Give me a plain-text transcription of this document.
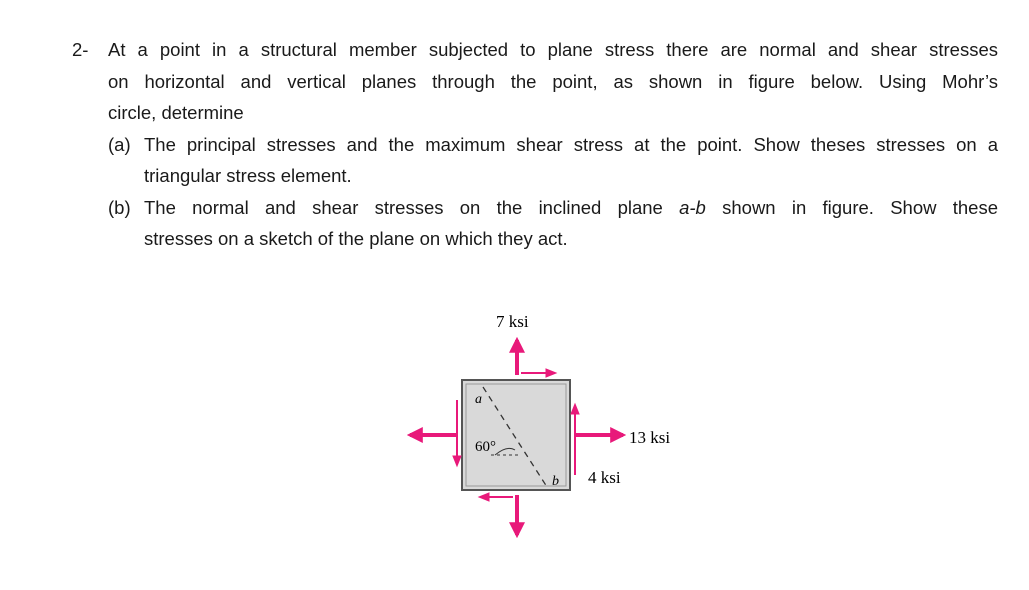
2- At a point in a structural member subjected to plane stress there are normal and shear stresses
on horizontal and vertical planes through the point, as shown in figure below. Using Mohr’s
circle, determine
(a) The principal stresses and the maximum shear stress at the point. Show theses stresses on a
triangular stress element.
(b) The normal and shear stresses on the inclined plane a-b shown in figure. Show these
stresses on a sketch of the plane on which they act.
7 ksi
13 ksi
4 ksi
60°
a
b
